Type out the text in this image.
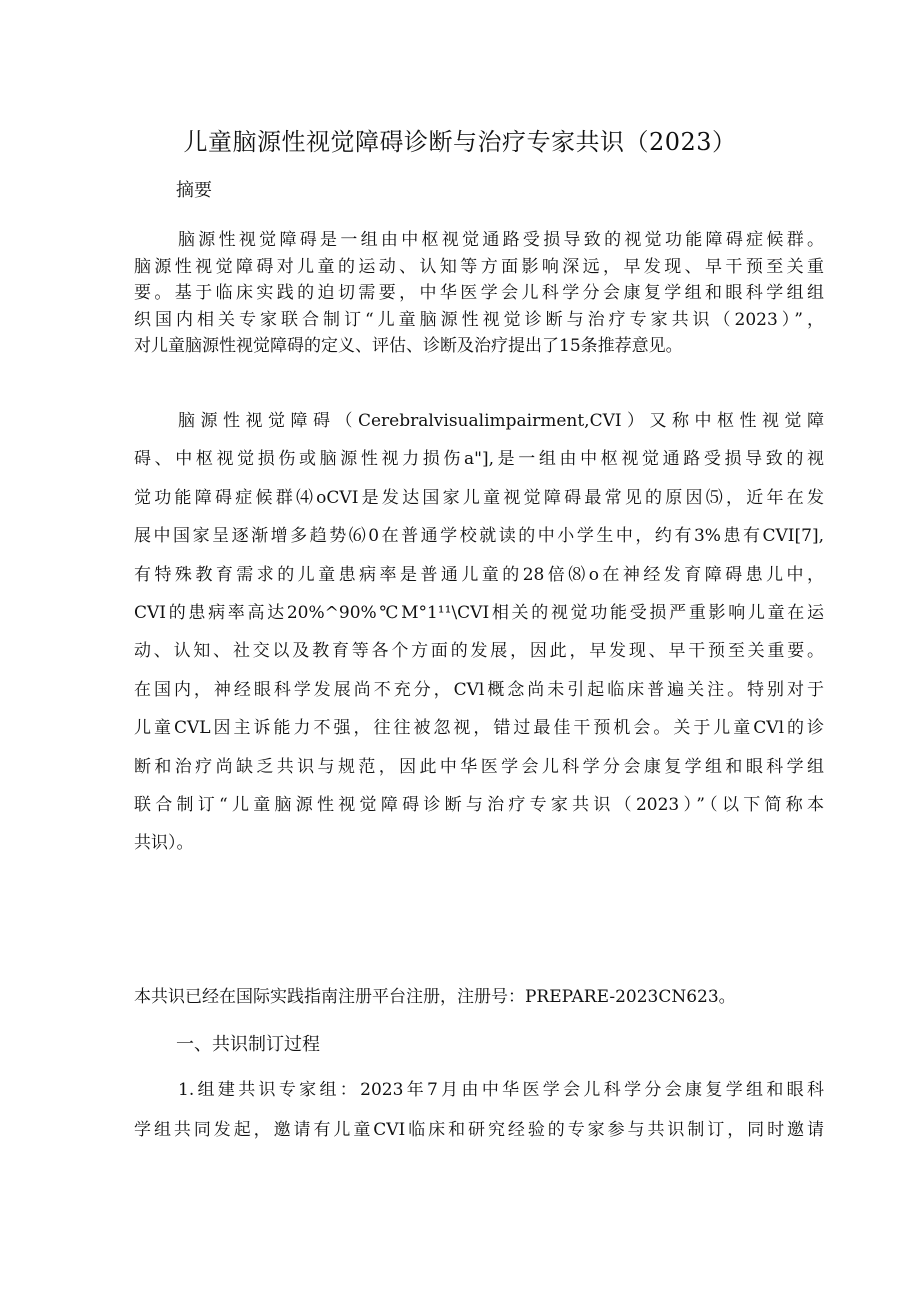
儿童脑源性视觉障碍诊断与治疗专家共识（2023）
摘要

脑源性视觉障碍是一组由中枢视觉通路受损导致的视觉功能障碍症候群。
脑源性视觉障碍对儿童的运动、认知等方面影响深远，早发现、早干预至关重
要。基于临床实践的迫切需要，中华医学会儿科学分会康复学组和眼科学组组
织国内相关专家联合制订“儿童脑源性视觉诊断与治疗专家共识（2023）”，
对儿童脑源性视觉障碍的定义、评估、诊断及治疗提出了15条推荐意见。

脑源性视觉障碍（Cerebralvisualimpairment,CVI）又称中枢性视觉障
碍、中枢视觉损伤或脑源性视力损伤a"],是一组由中枢视觉通路受损导致的视
觉功能障碍症候群⑷oCVI是发达国家儿童视觉障碍最常见的原因⑸，近年在发
展中国家呈逐渐增多趋势⑹0在普通学校就读的中小学生中，约有3%患有CVI[7],
有特殊教育需求的儿童患病率是普通儿童的28倍⑻o在神经发育障碍患儿中，
CVI的患病率高达20%^90%℃M°1¹¹\CVI相关的视觉功能受损严重影响儿童在运
动、认知、社交以及教育等各个方面的发展，因此，早发现、早干预至关重要。
在国内，神经眼科学发展尚不充分，CVl概念尚未引起临床普遍关注。特别对于
儿童CVL因主诉能力不强，往往被忽视，错过最佳干预机会。关于儿童CVl的诊
断和治疗尚缺乏共识与规范，因此中华医学会儿科学分会康复学组和眼科学组
联合制订“儿童脑源性视觉障碍诊断与治疗专家共识（2023）”（以下简称本
共识）。

本共识已经在国际实践指南注册平台注册，注册号：PREPARE-2023CN623。

一、共识制订过程

1.组建共识专家组：2023年7月由中华医学会儿科学分会康复学组和眼科
学组共同发起，邀请有儿童CVI临床和研究经验的专家参与共识制订，同时邀请
